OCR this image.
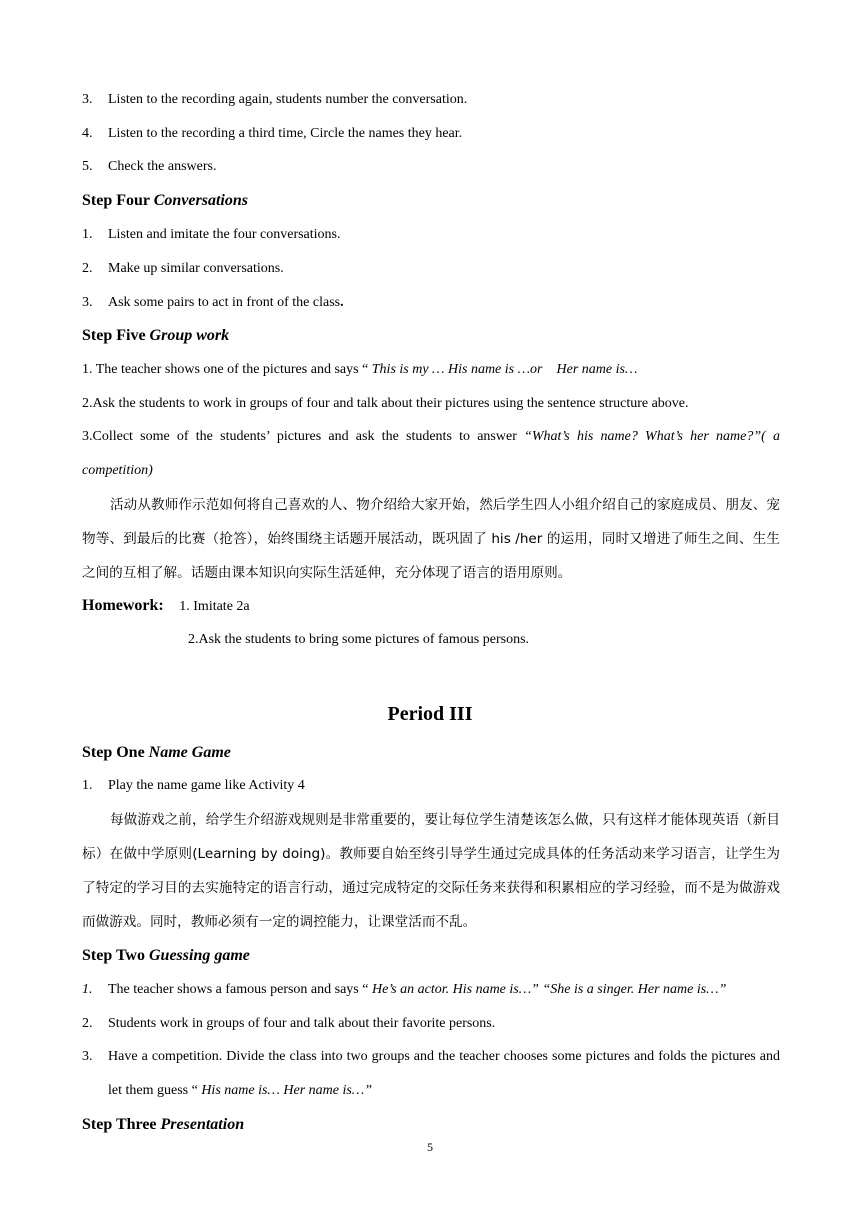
3. Listen to the recording again, students number the conversation.
4. Listen to the recording a third time, Circle the names they hear.
5. Check the answers.
Step Four Conversations
1. Listen and imitate the four conversations.
2. Make up similar conversations.
3. Ask some pairs to act in front of the class.
Step Five Group work
1. The teacher shows one of the pictures and says “ This is my … His name is …or    Her name is…
2.Ask the students to work in groups of four and talk about their pictures using the sentence structure above.
3.Collect some of the students’ pictures and ask the students to answer “What’s his name? What’s her name?”( a competition)
活动从教师作示范如何将自己喜欢的人、物介绍给大家开始，然后学生四人小组介绍自己的家庭成员、朋友、宠物等、到最后的比赛（抢答），始终围绕主话题开展活动，既巩固了 his /her 的运用，同时又增进了师生之间、生生之间的互相了解。话题由课本知识向实际生活延伸，充分体现了语言的语用原则。
Homework: 1. Imitate 2a
2.Ask the students to bring some pictures of famous persons.
Period III
Step One Name Game
1. Play the name game like Activity 4
每做游戏之前，给学生介绍游戏规则是非常重要的，要让每位学生清楚该怎么做，只有这样才能体现英语（新目标）在做中学原则(Learning by doing)。教师要自始至终引导学生通过完成具体的任务活动来学习语言，让学生为了特定的学习目的去实施特定的语言行动，通过完成特定的交际任务来获得和积累相应的学习经验，而不是为做游戏而做游戏。同时，教师必须有一定的调控能力，让课堂活而不乱。
Step Two Guessing game
1. The teacher shows a famous person and says “ He’s an actor. His name is…” “She is a singer. Her name is…”
2. Students work in groups of four and talk about their favorite persons.
3. Have a competition. Divide the class into two groups and the teacher chooses some pictures and folds the pictures and let them guess “ His name is… Her name is…”
Step Three Presentation
5
